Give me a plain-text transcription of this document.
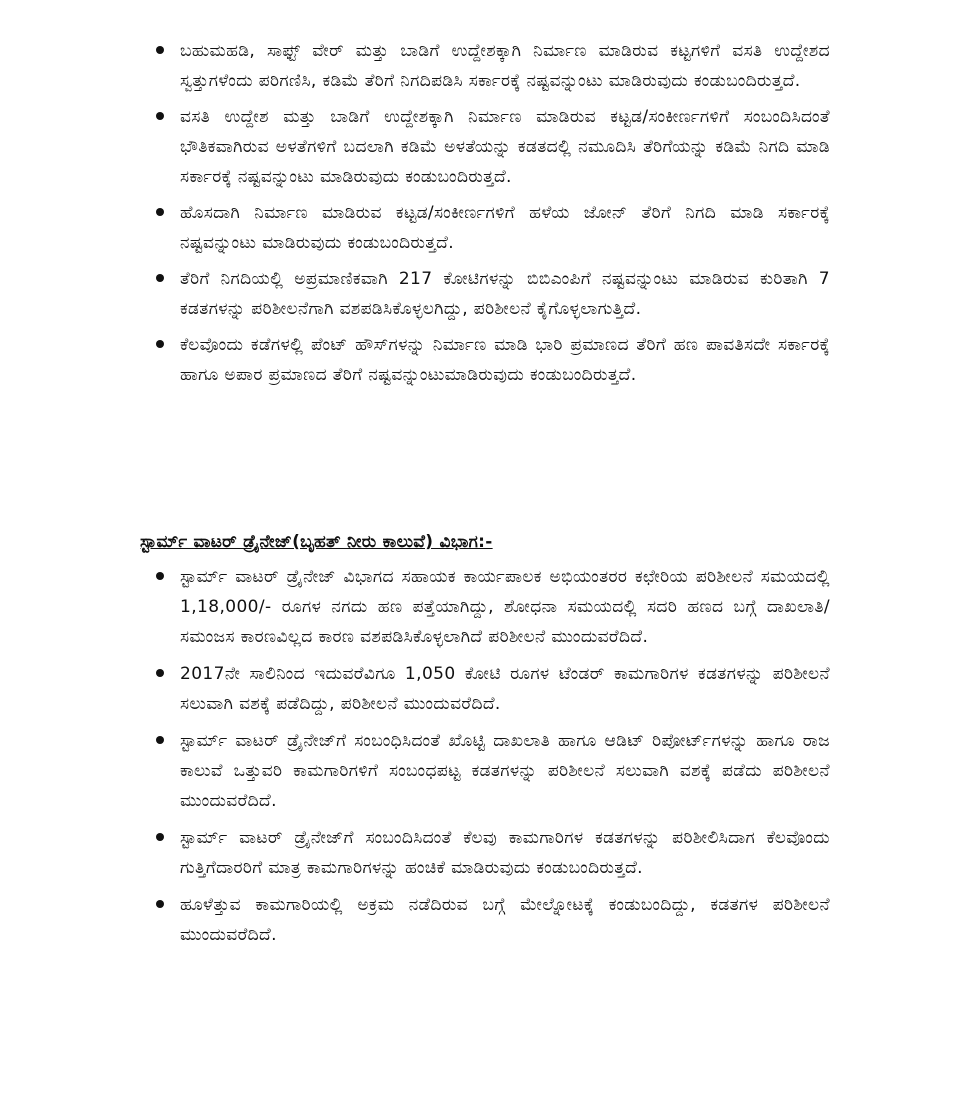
ಬಹುಮಹಡಿ, ಸಾಫ್ಟ್ ವೇರ್ ಮತ್ತು ಬಾಡಿಗೆ ಉದ್ದೇಶಕ್ಕಾಗಿ ನಿರ್ಮಾಣ ಮಾಡಿರುವ ಕಟ್ಟಗಳಿಗೆ ವಸತಿ ಉದ್ದೇಶದ ಸ್ವತ್ತುಗಳೆಂದು ಪರಿಗಣಿಸಿ, ಕಡಿಮೆ ತೆರಿಗೆ ನಿಗದಿಪಡಿಸಿ ಸರ್ಕಾರಕ್ಕೆ ನಷ್ಟವನ್ನುಂಟು ಮಾಡಿರುವುದು ಕಂಡುಬಂದಿರುತ್ತದೆ.
ವಸತಿ ಉದ್ದೇಶ ಮತ್ತು ಬಾಡಿಗೆ ಉದ್ದೇಶಕ್ಕಾಗಿ ನಿರ್ಮಾಣ ಮಾಡಿರುವ ಕಟ್ಟಡ/ಸಂಕೀರ್ಣಗಳಿಗೆ ಸಂಬಂದಿಸಿದಂತೆ ಭೌತಿಕವಾಗಿರುವ ಅಳತೆಗಳಿಗೆ ಬದಲಾಗಿ ಕಡಿಮೆ ಅಳತೆಯನ್ನು ಕಡತದಲ್ಲಿ ನಮೂದಿಸಿ ತೆರಿಗೆಯನ್ನು ಕಡಿಮೆ ನಿಗದಿ ಮಾಡಿ ಸರ್ಕಾರಕ್ಕೆ ನಷ್ಟವನ್ನುಂಟು ಮಾಡಿರುವುದು ಕಂಡುಬಂದಿರುತ್ತದೆ.
ಹೊಸದಾಗಿ ನಿರ್ಮಾಣ ಮಾಡಿರುವ ಕಟ್ಟಡ/ಸಂಕೀರ್ಣಗಳಿಗೆ ಹಳೆಯ ಜೋನ್ ತೆರಿಗೆ ನಿಗದಿ ಮಾಡಿ ಸರ್ಕಾರಕ್ಕೆ ನಷ್ಟವನ್ನುಂಟು ಮಾಡಿರುವುದು ಕಂಡುಬಂದಿರುತ್ತದೆ.
ತೆರಿಗೆ ನಿಗದಿಯಲ್ಲಿ ಅಪ್ರಮಾಣಿಕವಾಗಿ 217 ಕೋಟಿಗಳನ್ನು ಬಿಬಿಎಂಪಿಗೆ ನಷ್ಟವನ್ನುಂಟು ಮಾಡಿರುವ ಕುರಿತಾಗಿ 7 ಕಡತಗಳನ್ನು ಪರಿಶೀಲನೆಗಾಗಿ ವಶಪಡಿಸಿಕೊಳ್ಳಲಗಿದ್ದು, ಪರಿಶೀಲನೆ ಕೈಗೊಳ್ಳಲಾಗುತ್ತಿದೆ.
ಕೆಲವೊಂದು ಕಡೆಗಳಲ್ಲಿ ಪೆಂಟ್ ಹೌಸ್‌ಗಳನ್ನು ನಿರ್ಮಾಣ ಮಾಡಿ ಭಾರಿ ಪ್ರಮಾಣದ ತೆರಿಗೆ ಹಣ ಪಾವತಿಸದೇ ಸರ್ಕಾರಕ್ಕೆ ಹಾಗೂ ಅಪಾರ ಪ್ರಮಾಣದ ತೆರಿಗೆ ನಷ್ಟವನ್ನುಂಟುಮಾಡಿರುವುದು ಕಂಡುಬಂದಿರುತ್ತದೆ.
ಸ್ಟಾರ್ಮ್ ವಾಟರ್ ಡ್ರೈನೇಜ್(ಬೃಹತ್ ನೀರು ಕಾಲುವೆ) ವಿಭಾಗ:-
ಸ್ಟಾರ್ಮ್ ವಾಟರ್ ಡ್ರೈನೇಜ್ ವಿಭಾಗದ ಸಹಾಯಕ ಕಾರ್ಯಪಾಲಕ ಅಭಿಯಂತರರ ಕಛೇರಿಯ ಪರಿಶೀಲನೆ ಸಮಯದಲ್ಲಿ 1,18,000/- ರೂಗಳ ನಗದು ಹಣ ಪತ್ತೆಯಾಗಿದ್ದು, ಶೋಧನಾ ಸಮಯದಲ್ಲಿ ಸದರಿ ಹಣದ ಬಗ್ಗೆ ದಾಖಲಾತಿ/ಸಮಂಜಸ ಕಾರಣವಿಲ್ಲದ ಕಾರಣ ವಶಪಡಿಸಿಕೊಳ್ಳಲಾಗಿದೆ ಪರಿಶೀಲನೆ ಮುಂದುವರೆದಿದೆ.
2017ನೇ ಸಾಲಿನಿಂದ ಇದುವರೆವಿಗೂ 1,050 ಕೋಟಿ ರೂಗಳ ಟೆಂಡರ್ ಕಾಮಗಾರಿಗಳ ಕಡತಗಳನ್ನು ಪರಿಶೀಲನೆ ಸಲುವಾಗಿ ವಶಕ್ಕೆ ಪಡೆದಿದ್ದು, ಪರಿಶೀಲನೆ ಮುಂದುವರೆದಿದೆ.
ಸ್ಟಾರ್ಮ್ ವಾಟರ್ ಡ್ರೈನೇಜ್‌ಗೆ ಸಂಬಂಧಿಸಿದಂತೆ ಖೊಟ್ಟಿ ದಾಖಲಾತಿ ಹಾಗೂ ಆಡಿಟ್ ರಿಪೋರ್ಟ್‌ಗಳನ್ನು ಹಾಗೂ ರಾಜ ಕಾಲುವೆ ಒತ್ತುವರಿ ಕಾಮಗಾರಿಗಳಿಗೆ ಸಂಬಂಧಪಟ್ಟ ಕಡತಗಳನ್ನು ಪರಿಶೀಲನೆ ಸಲುವಾಗಿ ವಶಕ್ಕೆ ಪಡೆದು ಪರಿಶೀಲನೆ ಮುಂದುವರೆದಿದೆ.
ಸ್ಟಾರ್ಮ್ ವಾಟರ್ ಡ್ರೈನೇಜ್‌ಗೆ ಸಂಬಂದಿಸಿದಂತೆ ಕೆಲವು ಕಾಮಗಾರಿಗಳ ಕಡತಗಳನ್ನು ಪರಿಶೀಲಿಸಿದಾಗ ಕೆಲವೊಂದು ಗುತ್ತಿಗೆದಾರರಿಗೆ ಮಾತ್ರ ಕಾಮಗಾರಿಗಳನ್ನು ಹಂಚಿಕೆ ಮಾಡಿರುವುದು ಕಂಡುಬಂದಿರುತ್ತದೆ.
ಹೂಳೆತ್ತುವ ಕಾಮಗಾರಿಯಲ್ಲಿ ಅಕ್ರಮ ನಡೆದಿರುವ ಬಗ್ಗೆ ಮೇಲ್ನೋಟಕ್ಕೆ ಕಂಡುಬಂದಿದ್ದು, ಕಡತಗಳ ಪರಿಶೀಲನೆ ಮುಂದುವರೆದಿದೆ.
